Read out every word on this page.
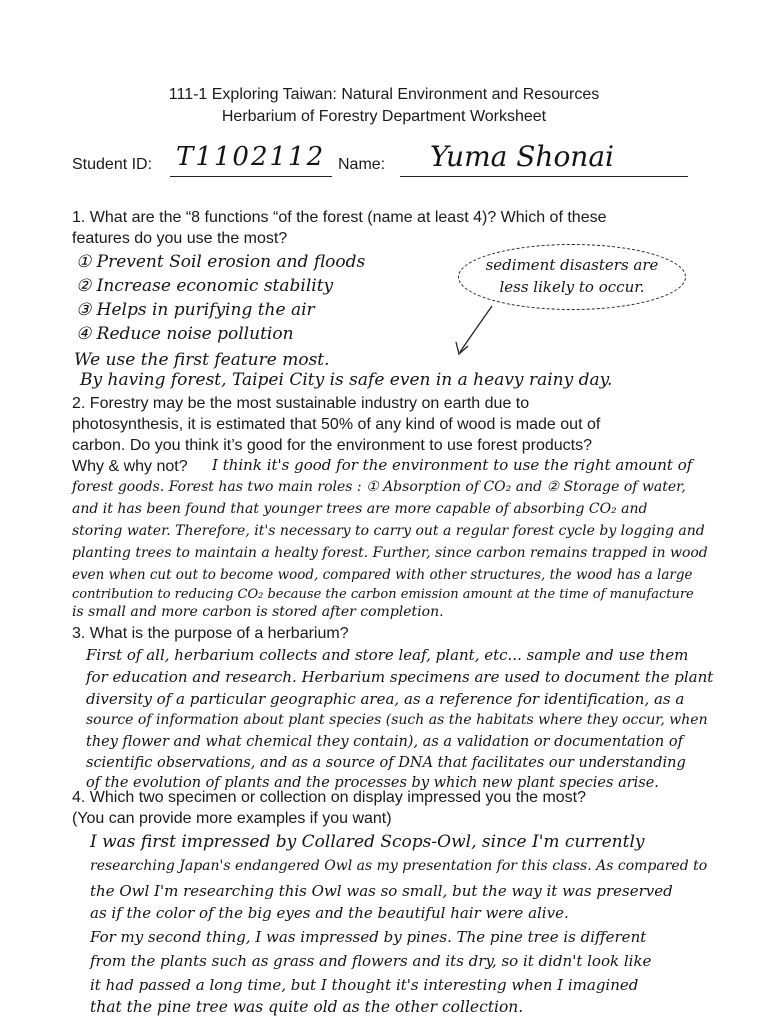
111-1 Exploring Taiwan: Natural Environment and Resources
Herbarium of Forestry Department Worksheet
Student ID: T1102112 Name: Yuma Shonai
1. What are the “8 functions “of the forest (name at least 4)? Which of these
features do you use the most?
① Prevent Soil erosion and floods
② Increase economic stability
③ Helps in purifying the air
④ Reduce noise pollution
sediment disasters are less likely to occur.
We use the first feature most.
By having forest, Taipei City is safe even in a heavy rainy day.
2. Forestry may be the most sustainable industry on earth due to
photosynthesis, it is estimated that 50% of any kind of wood is made out of
carbon. Do you think it’s good for the environment to use forest products?
Why & why not? I think it's good for the environment to use the right amount of
forest goods. Forest has two main roles : ① Absorption of CO₂ and ② Storage of water,
and it has been found that younger trees are more capable of absorbing CO₂ and
storing water. Therefore, it's necessary to carry out a regular forest cycle by logging and
planting trees to maintain a healty forest. Further, since carbon remains trapped in wood
even when cut out to become wood, compared with other structures, the wood has a large
contribution to reducing CO₂ because the carbon emission amount at the time of manufacture
is small and more carbon is stored after completion.
3. What is the purpose of a herbarium?
First of all, herbarium collects and store leaf, plant, etc... sample and use them
for education and research. Herbarium specimens are used to document the plant
diversity of a particular geographic area, as a reference for identification, as a
source of information about plant species (such as the habitats where they occur, when
they flower and what chemical they contain), as a validation or documentation of
scientific observations, and as a source of DNA that facilitates our understanding
of the evolution of plants and the processes by which new plant species arise.
4. Which two specimen or collection on display impressed you the most?
(You can provide more examples if you want)
I was first impressed by Collared Scops-Owl, since I'm currently
researching Japan's endangered Owl as my presentation for this class. As compared to
the Owl I'm researching this Owl was so small, but the way it was preserved
as if the color of the big eyes and the beautiful hair were alive.
For my second thing, I was impressed by pines. The pine tree is different
from the plants such as grass and flowers and its dry, so it didn't look like
it had passed a long time, but I thought it's interesting when I imagined
that the pine tree was quite old as the other collection.
